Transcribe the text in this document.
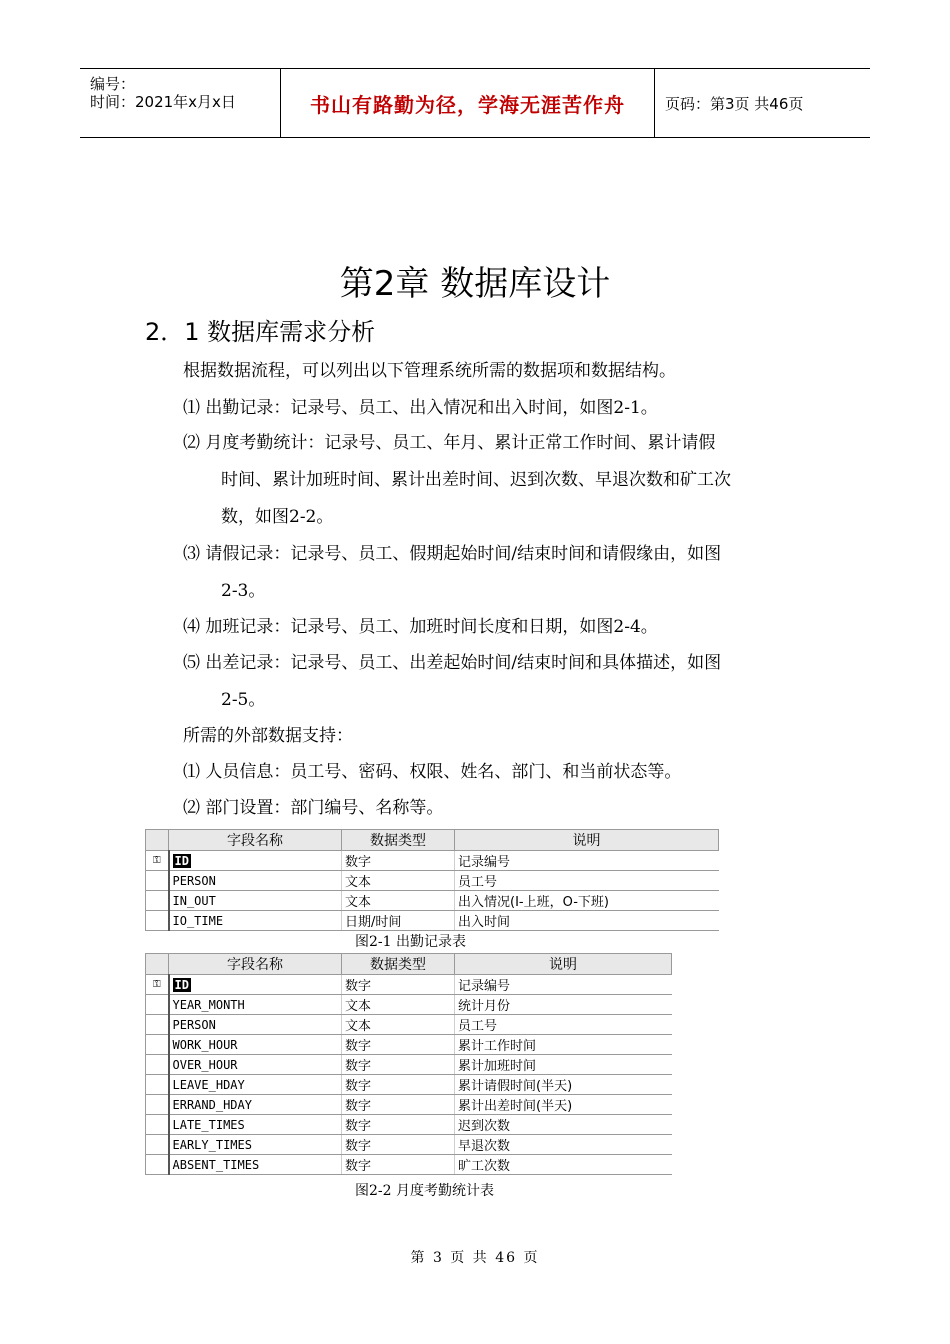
编号：
时间：2021年x月x日	书山有路勤为径，学海无涯苦作舟	页码：第3页 共46页
第2章 数据库设计
2．1 数据库需求分析
根据数据流程，可以列出以下管理系统所需的数据项和数据结构。
⑴ 出勤记录：记录号、员工、出入情况和出入时间，如图2-1。
⑵ 月度考勤统计：记录号、员工、年月、累计正常工作时间、累计请假
时间、累计加班时间、累计出差时间、迟到次数、早退次数和矿工次
数，如图2-2。
⑶ 请假记录：记录号、员工、假期起始时间/结束时间和请假缘由，如图
2-3。
⑷ 加班记录：记录号、员工、加班时间长度和日期，如图2-4。
⑸ 出差记录：记录号、员工、出差起始时间/结束时间和具体描述，如图
2-5。
所需的外部数据支持：
⑴ 人员信息：员工号、密码、权限、姓名、部门、和当前状态等。
⑵ 部门设置：部门编号、名称等。
	字段名称	数据类型	说明
⚿	ID	数字	记录编号
	PERSON	文本	员工号
	IN_OUT	文本	出入情况(I-上班，O-下班)
	IO_TIME	日期/时间	出入时间
图2-1 出勤记录表
	字段名称	数据类型	说明
⚿	ID	数字	记录编号
	YEAR_MONTH	文本	统计月份
	PERSON	文本	员工号
	WORK_HOUR	数字	累计工作时间
	OVER_HOUR	数字	累计加班时间
	LEAVE_HDAY	数字	累计请假时间(半天)
	ERRAND_HDAY	数字	累计出差时间(半天)
	LATE_TIMES	数字	迟到次数
	EARLY_TIMES	数字	早退次数
	ABSENT_TIMES	数字	旷工次数
图2-2 月度考勤统计表
第 3 页 共 46 页
